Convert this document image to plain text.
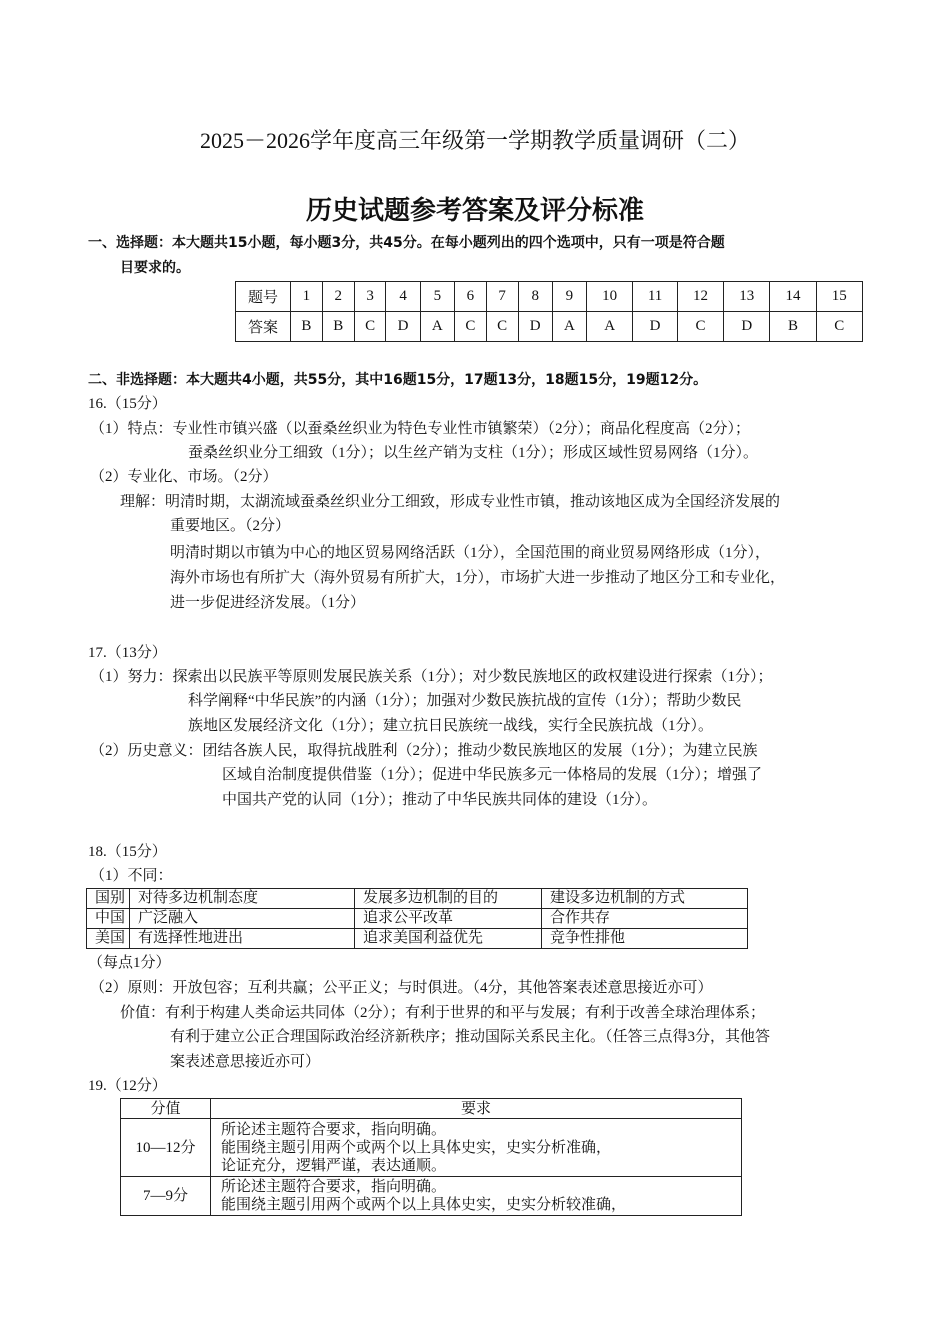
2025－2026学年度高三年级第一学期教学质量调研（二）
历史试题参考答案及评分标准
一、选择题：本大题共15小题，每小题3分，共45分。在每小题列出的四个选项中，只有一项是符合题
目要求的。
题号	1	2	3	4	5	6	7	8	9	10	11	12	13	14	15
答案	B	B	C	D	A	C	C	D	A	A	D	C	D	B	C
二、非选择题：本大题共4小题，共55分，其中16题15分，17题13分，18题15分，19题12分。
16.（15分）
（1）特点：专业性市镇兴盛（以蚕桑丝织业为特色专业性市镇繁荣）（2分）；商品化程度高（2分）；
蚕桑丝织业分工细致（1分）；以生丝产销为支柱（1分）；形成区域性贸易网络（1分）。
（2）专业化、市场。（2分）
理解：明清时期，太湖流域蚕桑丝织业分工细致，形成专业性市镇，推动该地区成为全国经济发展的
重要地区。（2分）
明清时期以市镇为中心的地区贸易网络活跃（1分），全国范围的商业贸易网络形成（1分），
海外市场也有所扩大（海外贸易有所扩大，1分），市场扩大进一步推动了地区分工和专业化，
进一步促进经济发展。（1分）
17.（13分）
（1）努力：探索出以民族平等原则发展民族关系（1分）；对少数民族地区的政权建设进行探索（1分）；
科学阐释“中华民族”的内涵（1分）；加强对少数民族抗战的宣传（1分）；帮助少数民
族地区发展经济文化（1分）；建立抗日民族统一战线，实行全民族抗战（1分）。
（2）历史意义：团结各族人民，取得抗战胜利（2分）；推动少数民族地区的发展（1分）；为建立民族
区域自治制度提供借鉴（1分）；促进中华民族多元一体格局的发展（1分）；增强了
中国共产党的认同（1分）；推动了中华民族共同体的建设（1分）。
18.（15分）
（1）不同：
国别	对待多边机制态度	发展多边机制的目的	建设多边机制的方式
中国	广泛融入	追求公平改革	合作共存
美国	有选择性地进出	追求美国利益优先	竞争性排他
（每点1分）
（2）原则：开放包容；互利共赢；公平正义；与时俱进。（4分，其他答案表述意思接近亦可）
价值：有利于构建人类命运共同体（2分）；有利于世界的和平与发展；有利于改善全球治理体系；
有利于建立公正合理国际政治经济新秩序；推动国际关系民主化。（任答三点得3分，其他答
案表述意思接近亦可）
19.（12分）
分值	要求
10—12分	所论述主题符合要求，指向明确。
能围绕主题引用两个或两个以上具体史实，史实分析准确，
论证充分，逻辑严谨，表达通顺。

7—9分	所论述主题符合要求，指向明确。
能围绕主题引用两个或两个以上具体史实，史实分析较准确，
